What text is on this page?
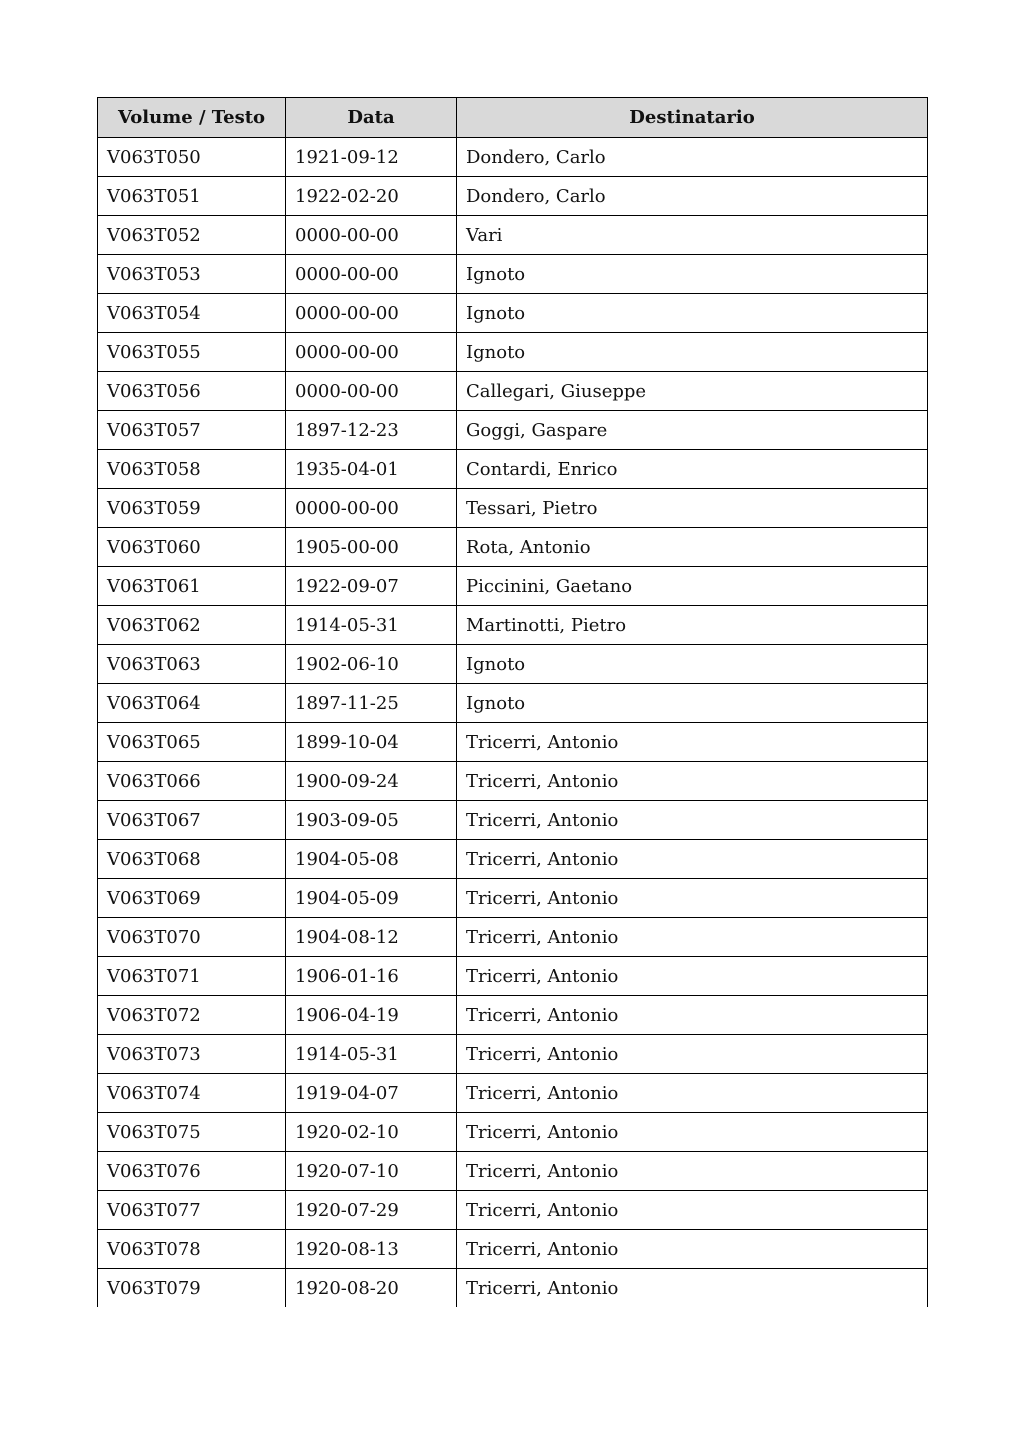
Volume / Testo	Data	Destinatario
V063T050	1921-09-12	Dondero, Carlo
V063T051	1922-02-20	Dondero, Carlo
V063T052	0000-00-00	Vari
V063T053	0000-00-00	Ignoto
V063T054	0000-00-00	Ignoto
V063T055	0000-00-00	Ignoto
V063T056	0000-00-00	Callegari, Giuseppe
V063T057	1897-12-23	Goggi, Gaspare
V063T058	1935-04-01	Contardi, Enrico
V063T059	0000-00-00	Tessari, Pietro
V063T060	1905-00-00	Rota, Antonio
V063T061	1922-09-07	Piccinini, Gaetano
V063T062	1914-05-31	Martinotti, Pietro
V063T063	1902-06-10	Ignoto
V063T064	1897-11-25	Ignoto
V063T065	1899-10-04	Tricerri, Antonio
V063T066	1900-09-24	Tricerri, Antonio
V063T067	1903-09-05	Tricerri, Antonio
V063T068	1904-05-08	Tricerri, Antonio
V063T069	1904-05-09	Tricerri, Antonio
V063T070	1904-08-12	Tricerri, Antonio
V063T071	1906-01-16	Tricerri, Antonio
V063T072	1906-04-19	Tricerri, Antonio
V063T073	1914-05-31	Tricerri, Antonio
V063T074	1919-04-07	Tricerri, Antonio
V063T075	1920-02-10	Tricerri, Antonio
V063T076	1920-07-10	Tricerri, Antonio
V063T077	1920-07-29	Tricerri, Antonio
V063T078	1920-08-13	Tricerri, Antonio
V063T079	1920-08-20	Tricerri, Antonio
